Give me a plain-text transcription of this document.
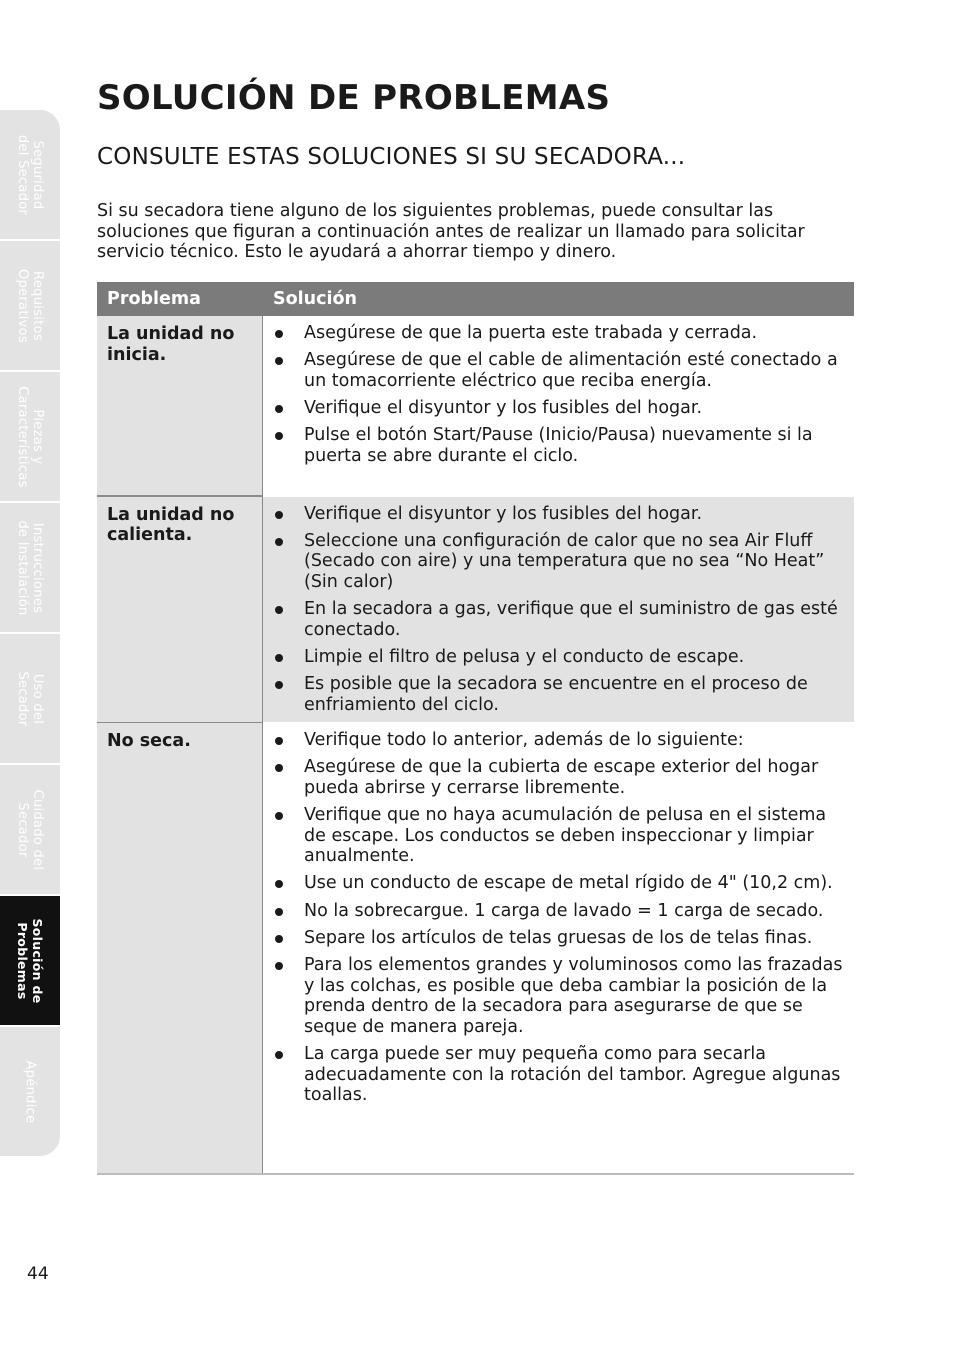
Seguridad
del Secador
Requisitos
Operativos
Piezas y
Características
Instrucciones
de Instalación
Uso del
Secador
Cuidado del
Secador
Solución de
Problemas
Apéndice
SOLUCIÓN DE PROBLEMAS
CONSULTE ESTAS SOLUCIONES SI SU SECADORA...

Si su secadora tiene alguno de los siguientes problemas, puede consultar las soluciones que figuran a continuación antes de realizar un llamado para solicitar servicio técnico. Esto le ayudará a ahorrar tiempo y dinero.

Problema	Solución
La unidad no inicia.
Asegúrese de que la puerta este trabada y cerrada.
Asegúrese de que el cable de alimentación esté conectado a un tomacorriente eléctrico que reciba energía.
Verifique el disyuntor y los fusibles del hogar.
Pulse el botón Start/Pause (Inicio/Pausa) nuevamente si la puerta se abre durante el ciclo.
La unidad no calienta.
Verifique el disyuntor y los fusibles del hogar.
Seleccione una configuración de calor que no sea Air Fluff (Secado con aire) y una temperatura que no sea “No Heat” (Sin calor)
En la secadora a gas, verifique que el suministro de gas esté conectado.
Limpie el filtro de pelusa y el conducto de escape.
Es posible que la secadora se encuentre en el proceso de enfriamiento del ciclo.
No seca.	Verifique todo lo anterior, además de lo siguiente:
Asegúrese de que la cubierta de escape exterior del hogar pueda abrirse y cerrarse libremente.
Verifique que no haya acumulación de pelusa en el sistema de escape. Los conductos se deben inspeccionar y limpiar anualmente.
Use un conducto de escape de metal rígido de 4" (10,2 cm).
No la sobrecargue. 1 carga de lavado = 1 carga de secado.
Separe los artículos de telas gruesas de los de telas finas.
Para los elementos grandes y voluminosos como las frazadas y las colchas, es posible que deba cambiar la posición de la prenda dentro de la secadora para asegurarse de que se seque de manera pareja.
La carga puede ser muy pequeña como para secarla adecuadamente con la rotación del tambor. Agregue algunas toallas.
44
